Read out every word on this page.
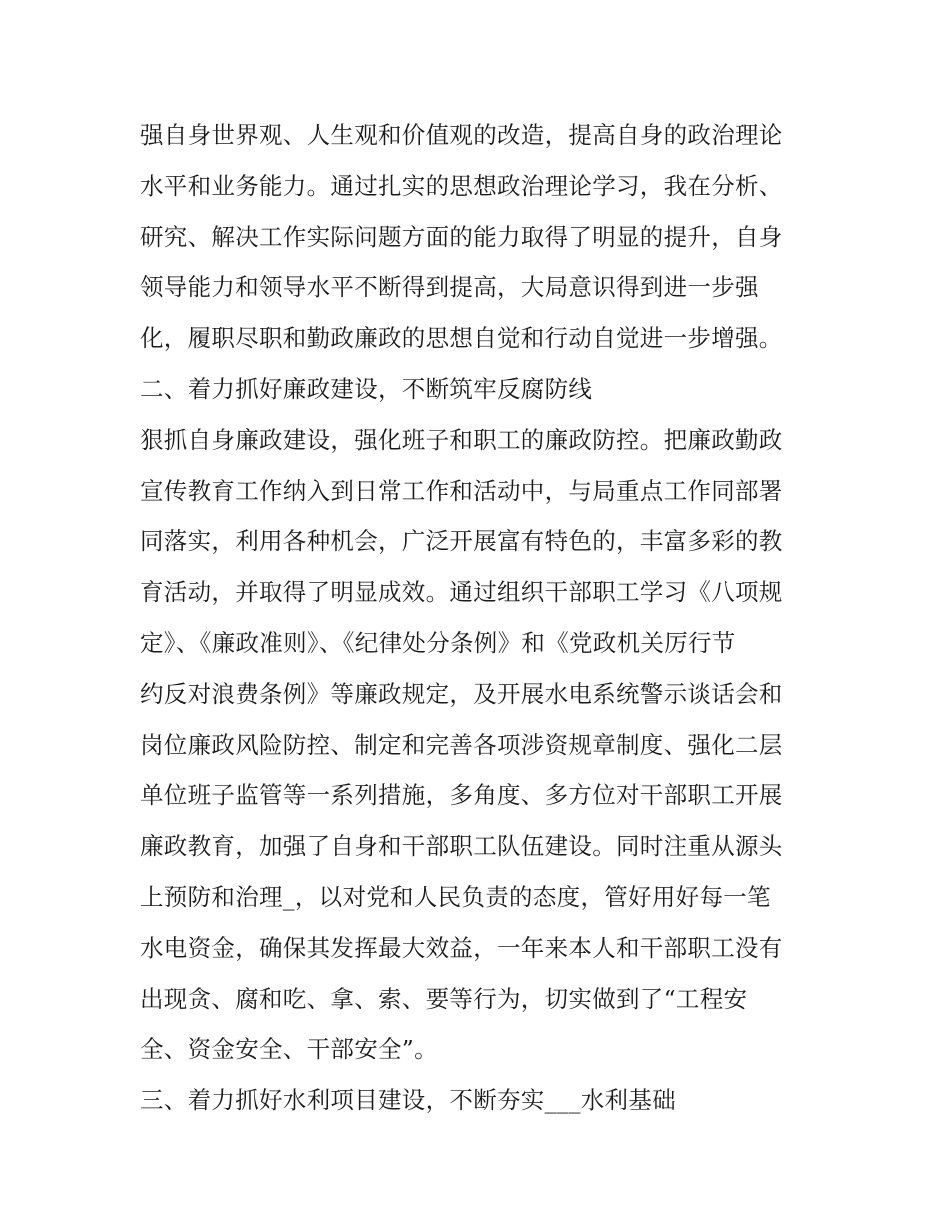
强自身世界观、人生观和价值观的改造，提高自身的政治理论
水平和业务能力。通过扎实的思想政治理论学习，我在分析、
研究、解决工作实际问题方面的能力取得了明显的提升，自身
领导能力和领导水平不断得到提高，大局意识得到进一步强
化，履职尽职和勤政廉政的思想自觉和行动自觉进一步增强。
二、着力抓好廉政建设，不断筑牢反腐防线
狠抓自身廉政建设，强化班子和职工的廉政防控。把廉政勤政
宣传教育工作纳入到日常工作和活动中，与局重点工作同部署
同落实，利用各种机会，广泛开展富有特色的，丰富多彩的教
育活动，并取得了明显成效。通过组织干部职工学习《八项规
定》、《廉政准则》、《纪律处分条例》和《党政机关厉行节
约反对浪费条例》等廉政规定，及开展水电系统警示谈话会和
岗位廉政风险防控、制定和完善各项涉资规章制度、强化二层
单位班子监管等一系列措施，多角度、多方位对干部职工开展
廉政教育，加强了自身和干部职工队伍建设。同时注重从源头
上预防和治理_，以对党和人民负责的态度，管好用好每一笔
水电资金，确保其发挥最大效益，一年来本人和干部职工没有
出现贪、腐和吃、拿、索、要等行为，切实做到了“工程安
全、资金安全、干部安全”。
三、着力抓好水利项目建设，不断夯实___水利基础
